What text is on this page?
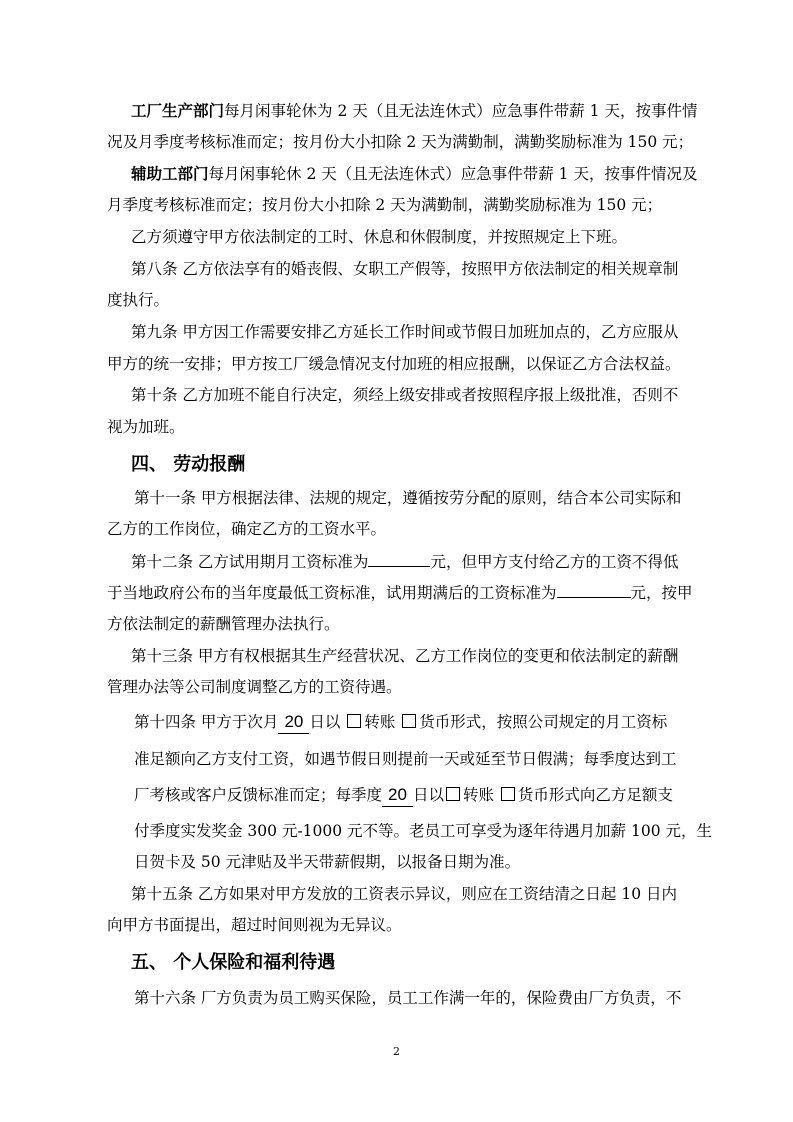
工厂生产部门每月闲事轮休为 2 天（且无法连休式）应急事件带薪 1 天，按事件情
况及月季度考核标准而定；按月份大小扣除 2 天为满勤制，满勤奖励标准为 150 元；
辅助工部门每月闲事轮休 2 天（且无法连休式）应急事件带薪 1 天，按事件情况及
月季度考核标准而定；按月份大小扣除 2 天为满勤制，满勤奖励标准为 150 元；
乙方须遵守甲方依法制定的工时、休息和休假制度，并按照规定上下班。
第八条 乙方依法享有的婚丧假、女职工产假等，按照甲方依法制定的相关规章制
度执行。
第九条 甲方因工作需要安排乙方延长工作时间或节假日加班加点的，乙方应服从
甲方的统一安排；甲方按工厂缓急情况支付加班的相应报酬，以保证乙方合法权益。
第十条 乙方加班不能自行决定，须经上级安排或者按照程序报上级批准，否则不
视为加班。
四、 劳动报酬
第十一条 甲方根据法律、法规的规定，遵循按劳分配的原则，结合本公司实际和
乙方的工作岗位，确定乙方的工资水平。
第十二条 乙方试用期月工资标准为	元，但甲方支付给乙方的工资不得低
于当地政府公布的当年度最低工资标准，试用期满后的工资标准为	元，按甲
方依法制定的薪酬管理办法执行。
第十三条 甲方有权根据其生产经营状况、乙方工作岗位的变更和依法制定的薪酬
管理办法等公司制度调整乙方的工资待遇。
第十四条 甲方于次月 20 日以 转账 货币形式，按照公司规定的月工资标
准足额向乙方支付工资，如遇节假日则提前一天或延至节日假满；每季度达到工
厂考核或客户反馈标准而定；每季度 20 日以 转账 货币形式向乙方足额支
付季度实发奖金 300 元-1000 元不等。老员工可享受为逐年待遇月加薪 100 元，生
日贺卡及 50 元津贴及半天带薪假期，以报备日期为准。
第十五条 乙方如果对甲方发放的工资表示异议，则应在工资结清之日起 10 日内
向甲方书面提出，超过时间则视为无异议。
五、 个人保险和福利待遇
第十六条 厂方负责为员工购买保险，员工工作满一年的，保险费由厂方负责，不
2
